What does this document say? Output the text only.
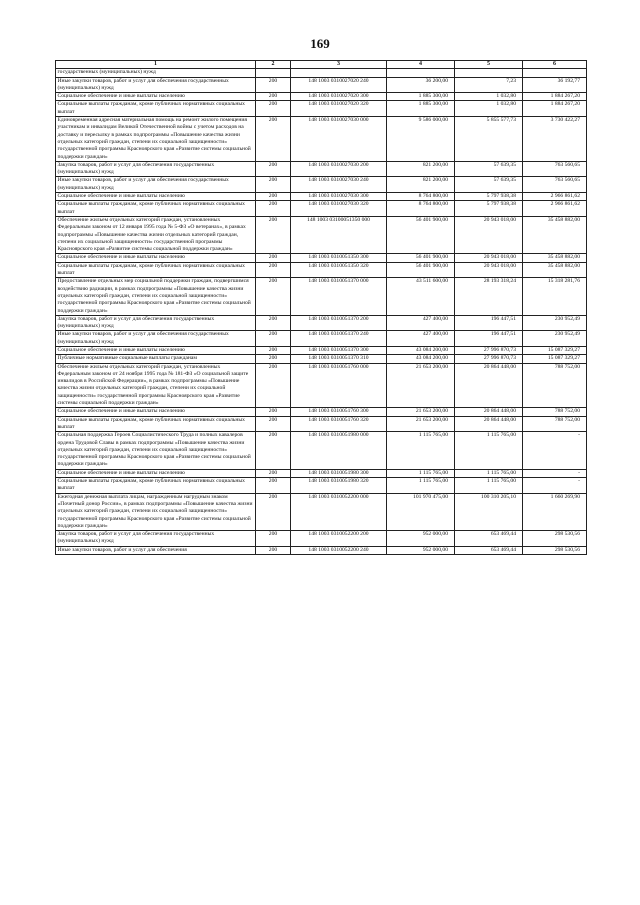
169
1	2	3	4	5	6
государственных (муниципальных) нужд					
Иные закупки товаров, работ и услуг для обеспечения государственных (муниципальных) нужд	200	148 1003 0310027020 240	36 200,00	7,23	36 192,77
Социальное обеспечение и иные выплаты населению	200	148 1003 0310027020 300	1 885 300,00	1 032,80	1 884 267,20
Социальные выплаты гражданам, кроме публичных нормативных социальных выплат	200	148 1003 0310027020 320	1 885 300,00	1 032,80	1 884 267,20
Единовременная адресная материальная помощь на ремонт жилого помещения участникам и инвалидам Великой Отечественной войны с учетом расходов на доставку и пересылку в рамках подпрограммы «Повышение качества жизни отдельных категорий граждан, степени их социальной защищенности» государственной программы Красноярского края «Развитие системы социальной поддержки граждан»	200	148 1003 0310027030 000	9 586 000,00	5 855 577,73	3 730 422,27
Закупка товаров, работ и услуг для обеспечения государственных (муниципальных) нужд	200	148 1003 0310027030 200	821 200,00	57 639,35	763 560,65
Иные закупки товаров, работ и услуг для обеспечения государственных (муниципальных) нужд	200	148 1003 0310027030 240	821 200,00	57 639,35	763 560,65
Социальное обеспечение и иные выплаты населению	200	148 1003 0310027030 300	8 764 800,00	5 797 938,38	2 966 861,62
Социальные выплаты гражданам, кроме публичных нормативных социальных выплат	200	148 1003 0310027030 320	8 764 800,00	5 797 938,38	2 966 861,62
Обеспечение жильем отдельных категорий граждан, установленных Федеральным законом от 12 января 1995 года № 5-ФЗ «О ветеранах», в рамках подпрограммы «Повышение качества жизни отдельных категорий граждан, степени их социальной защищенности» государственной программы Красноярского края «Развитие системы социальной поддержки граждан»	200	148 1003 03100051350 000	56 401 900,00	20 943 018,00	35 458 882,00
Социальное обеспечение и иные выплаты населению	200	148 1003 0310051350 300	56 401 900,00	20 943 018,00	35 458 882,00
Социальные выплаты гражданам, кроме публичных нормативных социальных выплат	200	148 1003 0310051350 320	56 401 900,00	20 943 018,00	35 458 882,00
Предоставление отдельных мер социальной поддержки граждан, подвергшимся воздействию радиации, в рамках подпрограммы «Повышение качества жизни отдельных категорий граждан, степени их социальной защищенности» государственной программы Красноярского края «Развитие системы социальной поддержки граждан»	200	148 1003 0310051370 000	43 511 600,00	28 193 318,24	15 318 281,76
Закупка товаров, работ и услуг для обеспечения государственных (муниципальных) нужд	200	148 1003 0310051370 200	427 400,00	196 447,51	230 952,49
Иные закупки товаров, работ и услуг для обеспечения государственных (муниципальных) нужд	200	148 1003 0310051370 240	427 400,00	196 447,51	230 952,49
Социальное обеспечение и иные выплаты населению	200	148 1003 0310051370 300	43 084 200,00	27 996 870,73	15 087 329,27
Публичные нормативные социальные выплаты гражданам	200	148 1003 0310051370 310	43 084 200,00	27 996 870,73	15 087 329,27
Обеспечение жильем отдельных категорий граждан, установленных Федеральным законом от 24 ноября 1995 года № 181-ФЗ «О социальной защите инвалидов в Российской Федерации», в рамках подпрограммы «Повышение качества жизни отдельных категорий граждан, степени их социальной защищенности» государственной программы Красноярского края «Развитие системы социальной поддержки граждан»	200	148 1003 0310051760 000	21 653 200,00	20 864 448,00	788 752,00
Социальное обеспечение и иные выплаты населению	200	148 1003 0310051760 300	21 653 200,00	20 864 448,00	788 752,00
Социальные выплаты гражданам, кроме публичных нормативных социальных выплат	200	148 1003 0310051760 320	21 653 200,00	20 864 448,00	788 752,00
Социальная поддержка Героев Социалистического Труда и полных кавалеров ордена Трудовой Славы в рамках подпрограммы «Повышение качества жизни отдельных категорий граждан, степени их социальной защищенности» государственной программы Красноярского края «Развитие системы социальной поддержки граждан»	200	148 1003 0310051980 000	1 115 765,00	1 115 765,00	-
Социальное обеспечение и иные выплаты населению	200	148 1003 0310051980 300	1 115 765,00	1 115 765,00	-
Социальные выплаты гражданам, кроме публичных нормативных социальных выплат	200	148 1003 0310051980 320	1 115 765,00	1 115 765,00	-
Ежегодная денежная выплата лицам, награжденным нагрудным знаком «Почетный донор России», в рамках подпрограммы «Повышение качества жизни отдельных категорий граждан, степени их социальной защищенности» государственной программы Красноярского края «Развитие системы социальной поддержки граждан»	200	148 1003 0310052200 000	101 970 475,00	100 310 205,10	1 660 269,90
Закупка товаров, работ и услуг для обеспечения государственных (муниципальных) нужд	200	148 1003 0310052200 200	952 000,00	653 469,44	298 530,56
Иные закупки товаров, работ и услуг для обеспечения	200	148 1003 0310052200 240	952 000,00	653 469,44	298 530,56
